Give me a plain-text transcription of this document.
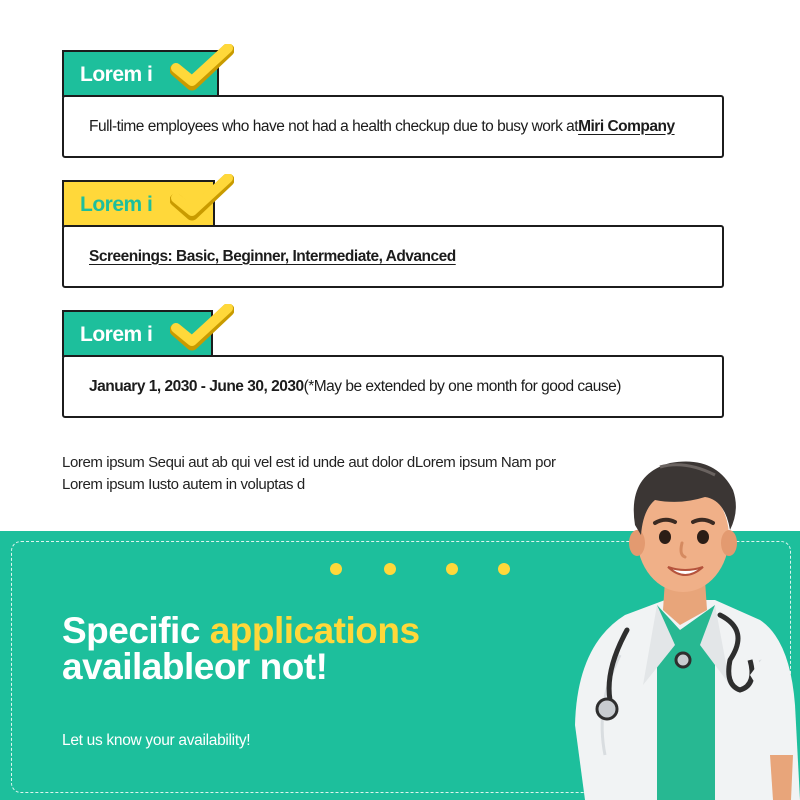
Lorem i
Full-time employees who have not had a health checkup due to busy work at Miri Company
Lorem i
Screenings: Basic, Beginner, Intermediate, Advanced
Lorem i
January 1, 2030 - June 30, 2030 (*May be extended by one month for good cause)
Lorem ipsum Sequi aut ab qui vel est id unde aut dolor dLorem ipsum Nam por
Lorem ipsum Iusto autem in voluptas d
Specific applications
availableor not!
Let us know your availability!
